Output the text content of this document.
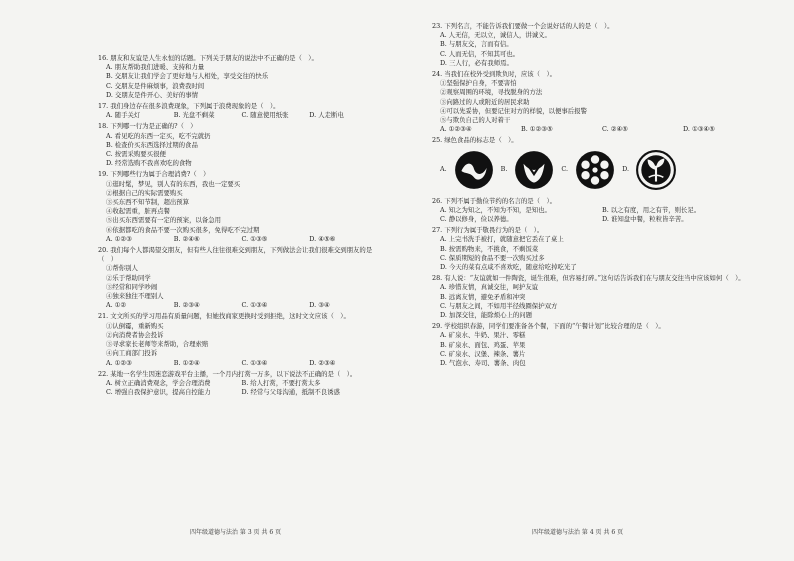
16. 朋友和友谊是人生永恒的话题。下列关于朋友的说法中不正确的是（　）。
A. 朋友帮助我们进暖、支持和力量
B. 交朋友让我们学会了更好地与人相处，享受交往的快乐
C. 交朋友是件麻烦事，浪费我时间
D. 交朋友是件开心、美好的事情
17. 我们身边存在很多浪费现象，下列属于浪费现象的是（　）。
A. 随手关灯	B. 光盘不剩菜	C. 随意使用纸张	D. 人走断电
18. 下列哪一行为是正确的?（　）
A. 看见吃的东西一定买，吃不完就扔
B. 检查价买东西选择过期的食品
C. 按需采购要买很便
D. 经常选购不我喜欢吃的食物
19. 下列哪些行为属于合理消费?（　）
①逛时髦，梦见，别人有的东西，我也一定要买
②根据自己的实际需要购买
③买东西不知节制，超出预算
④收起需重，脏再点餐
⑤出买东西需要有一定的预案，以备急用
⑥依据都吃的食品不要一次购买很多，免得吃不完过期
A. ①②③	B. ②④⑥	C. ①③⑤	D. ④⑤⑥
20. 我们每个人都渴望交朋友，但有些人往往很难交到朋友，下列做法会让我们很难交到朋友的是（　）
①帮你别人
②乐于帮助同学
③经常和同学吵闹
④独来独往不理别人
A. ①②	B. ②③④	C. ①③④	D. ③④
21. 文文所买的学习用品有质量问题，但她找商家更换时受到拒绝，这时文文应该（　）。
①认倒霉，重新购买
②向消费者协会投诉
③寻求家长老师等来帮助，合理索赔
④向工商部门投诉
A. ①②③	B. ①②④	C. ①③④	D. ②③④
22. 某地一名学生因迷恋游戏平台主播，一个月内打赏一万多，以下说法不正确的是（　）。
A. 树立正确消费观念，学会合理消费	B. 给人打赏，不要打赏太多
C. 增强自我保护意识，提高自控能力	D. 经常与父母沟通，抵制不良诱惑
四年级道德与法治 第 3 页 共 6 页
23. 下列名言，不能告诉我们要做一个会说好话的人的是（　）。
A. 人无信，无以立，诚信人，讲诚义。
B. 与朋友交，言而有信。
C. 人而无信，不知其可也。
D. 三人行，必有我师焉。
24. 当我们在校外受到欺负时，应该（　）。
①坚强保护自身，不要害怕
②观察周围的环境，寻找脱身的方法
③向路过的人或附近的居民求助
④可以先妥协，但要记住对方的样貌，以便事后报警
⑤与欺负自己的人对着干
A. ①②③④	B. ①②③⑤	C. ②④⑤	D. ①③④⑤
25. 绿色食品的标志是（　）。
A.	B.	C.	D.
26. 下列不属于勤俭节约的名言的是（　）。
A. 知之为知之，不知为不知，是知也。	B. 以之有度，用之有节，则长足。
C. 静以修身，俭以养德。	D. 谁知盘中餐，粒粒皆辛苦。
27. 下列行为属于敬畏行为的是（　）。
A. 上完书洗手被打，就随意把它丢在了桌上
B. 按需购物来，不挑食，不剩饭菜
C. 保质期短的食品不要一次购买过多
D. 今天的菜有点咸不喜欢吃，随意给吃掉吃光了
28. 有人说：“友谊就如一件陶瓷，诞生很难，但容易打碎。”这句话告诉我们在与朋友交往当中应该如何（　）。
A. 珍惜友情，真诚交往，呵护友谊
B. 远离友情，避免矛盾和冲突
C. 与朋友之间，不如用半径线圈保护双方
D. 加深交往，能除烦心上的问题
29. 学校组织春游，同学们要准备各个餐，下面的“午餐计划”比较合理的是（　）。
A. 矿泉水、牛奶、果汁、零糕
B. 矿泉水、面包、鸡蛋、苹果
C. 矿泉水、汉堡、辣条、薯片
D. 气泡水、寿司、薯条、肉包
四年级道德与法治 第 4 页 共 6 页
